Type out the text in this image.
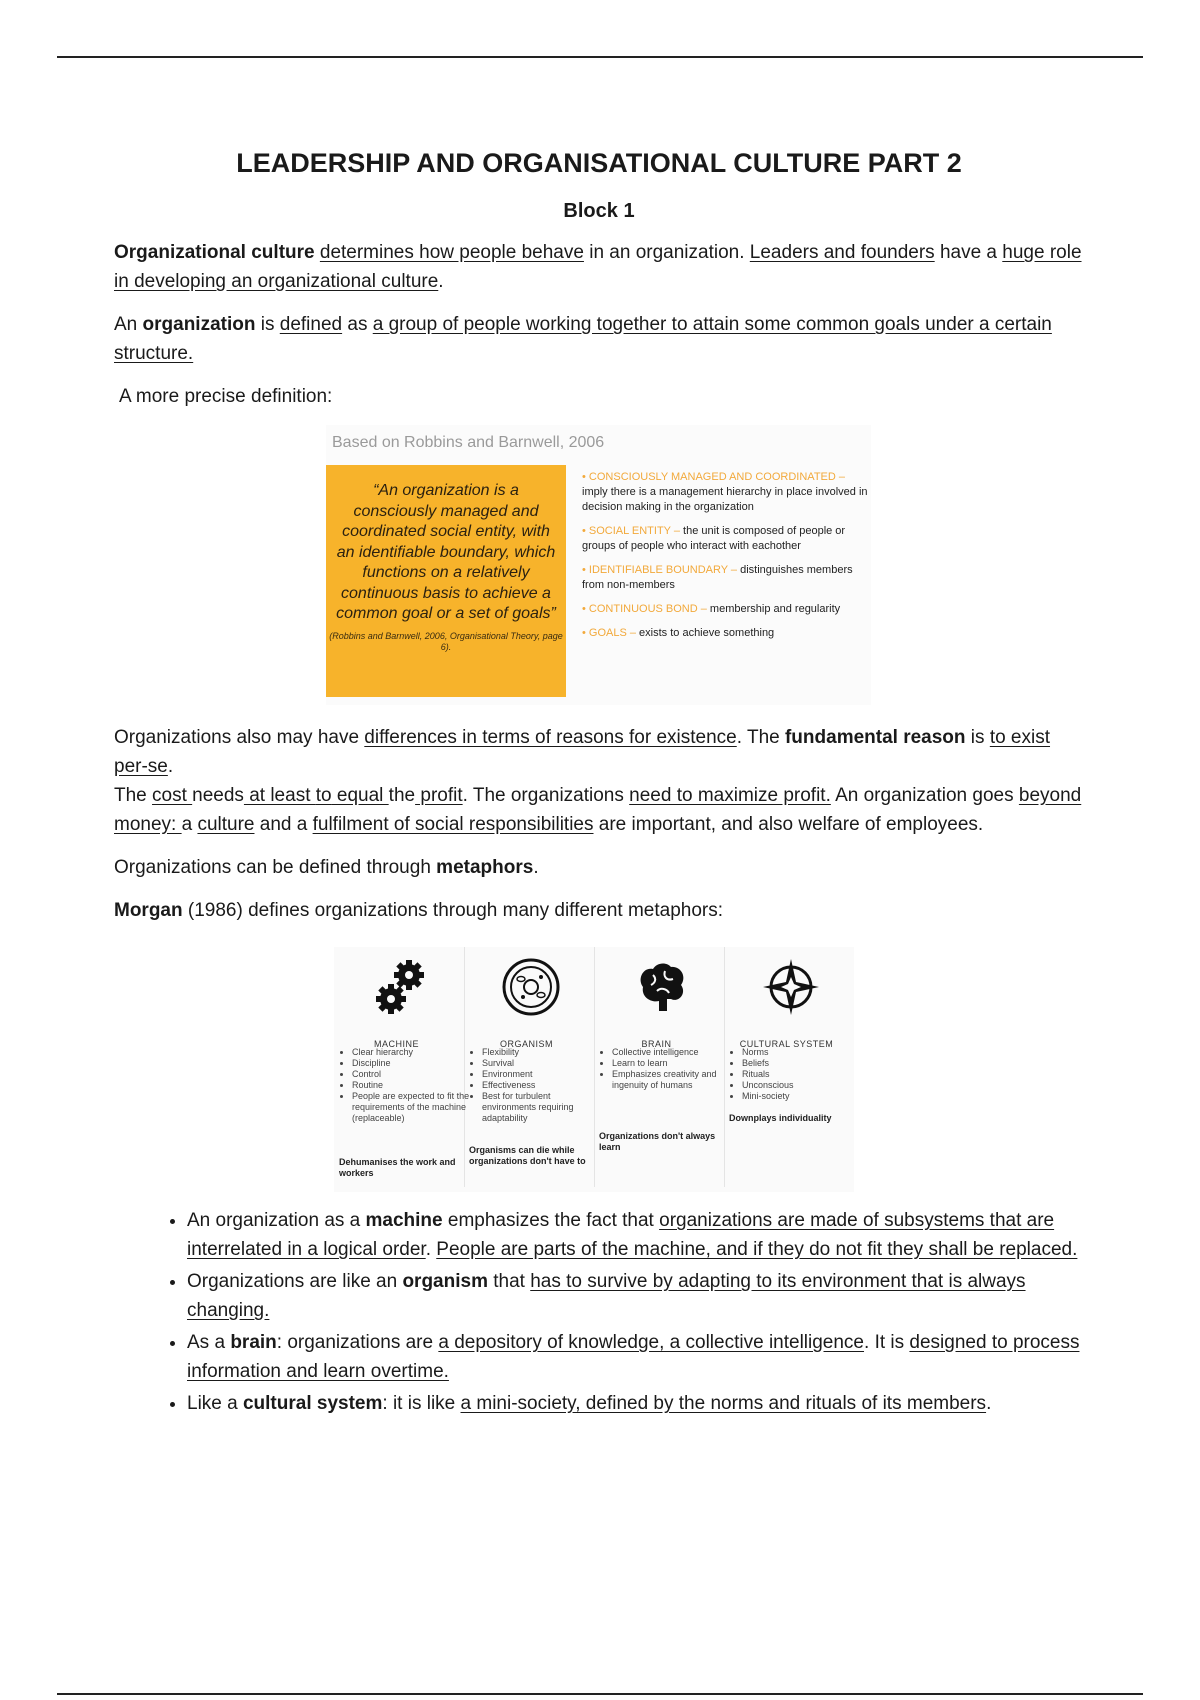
LEADERSHIP AND ORGANISATIONAL CULTURE PART 2
Block 1

Organizational culture determines how people behave in an organization. Leaders and founders have a huge role in developing an organizational culture.

An organization is defined as a group of people working together to attain some common goals under a certain structure.

A more precise definition:

Based on Robbins and Barnwell, 2006
“An organization is a consciously managed and coordinated social entity, with an identifiable boundary, which functions on a relatively continuous basis to achieve a common goal or a set of goals”
(Robbins and Barnwell, 2006, Organisational Theory, page 6).
• CONSCIOUSLY MANAGED AND COORDINATED – imply there is a management hierarchy in place involved in decision making in the organization
• SOCIAL ENTITY – the unit is composed of people or groups of people who interact with eachother
• IDENTIFIABLE BOUNDARY – distinguishes members from non-members
• CONTINUOUS BOND – membership and regularity
• GOALS – exists to achieve something

Organizations also may have differences in terms of reasons for existence. The fundamental reason is to exist per-se.

The cost needs at least to equal the profit. The organizations need to maximize profit. An organization goes beyond money: a culture and a fulfilment of social responsibilities are important, and also welfare of employees.

Organizations can be defined through metaphors.

Morgan (1986) defines organizations through many different metaphors:

MACHINE
• Clear hierarchy
• Discipline
• Control
• Routine
• People are expected to fit the requirements of the machine (replaceable)
Dehumanises the work and workers
ORGANISM
• Flexibility
• Survival
• Environment
• Effectiveness
• Best for turbulent environments requiring adaptability
Organisms can die while organizations don't have to
BRAIN
• Collective intelligence
• Learn to learn
• Emphasizes creativity and ingenuity of humans
Organizations don't always learn
CULTURAL SYSTEM
• Norms
• Beliefs
• Rituals
• Unconscious
• Mini-society
Downplays individuality
• An organization as a machine emphasizes the fact that organizations are made of subsystems that are interrelated in a logical order. People are parts of the machine, and if they do not fit they shall be replaced.
• Organizations are like an organism that has to survive by adapting to its environment that is always changing.
• As a brain: organizations are a depository of knowledge, a collective intelligence. It is designed to process information and learn overtime.
• Like a cultural system: it is like a mini-society, defined by the norms and rituals of its members.
